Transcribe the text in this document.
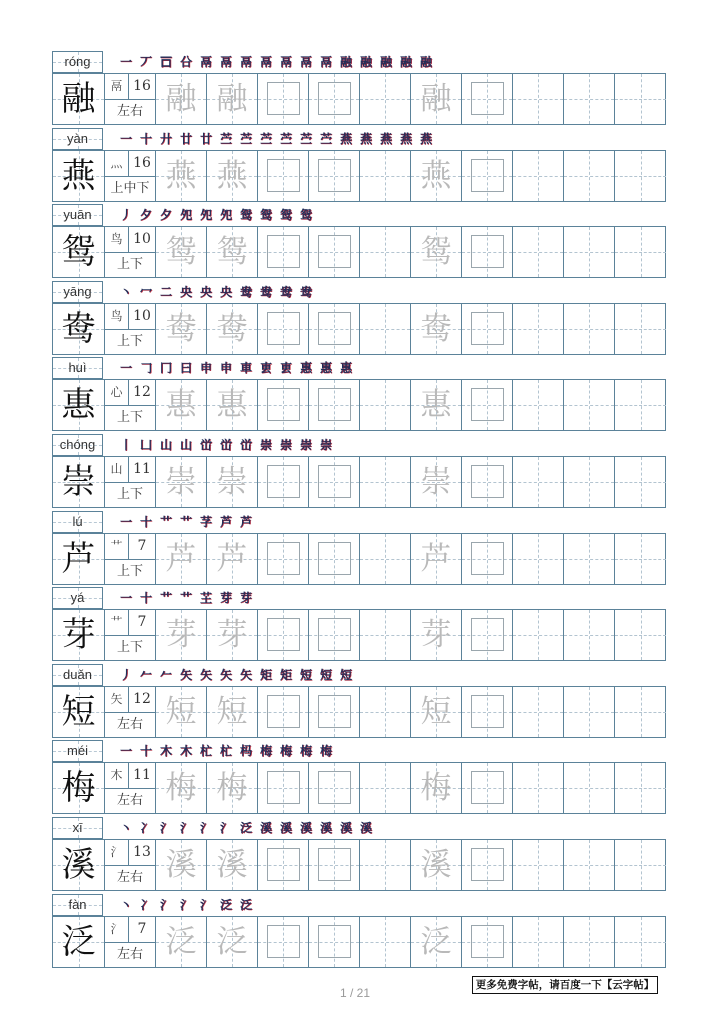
róng	一 丆 𠮛 㕣 鬲 鬲 鬲 鬲 鬲 鬲 鬲 融 融 融 融 融
融	鬲 16
左右 融 融	融
yàn	一 十 廾 廿 廿 苎 苎 苎 苎 苎 苎 燕 燕 燕 燕 燕
燕	灬 16
上中下 燕 燕	燕
yuān	丿 夕 夕 夗 夗 夗 鸳 鸳 鸳 鸳
鸳	鸟 10
上下 鸳 鸳	鸳
yāng	丶 冖 二 央 央 央 鸯 鸯 鸯 鸯
鸯	鸟 10
上下 鸯 鸯	鸯
huì	一 𠃌 冂 曰 申 申 車 叀 叀 惠 惠 惠
惠	心 12
上下 惠 惠	惠
chóng	丨 凵 山 山 峃 峃 峃 崇 崇 崇 崇
崇	山 11
上下 崇 崇	崇
lú	一 十 艹 艹 芓 芦 芦
芦	艹	7
上下 芦 芦	芦
yá	一 十 艹 艹 芏 芽 芽
芽	艹	7
上下 芽 芽	芽
duǎn	丿 𠂉 𠂉 矢 矢 矢 矢 矩 矩 短 短 短
短	矢 12
左右 短 短	短
méi	一 十 木 木 杧 杧 杩 梅 梅 梅 梅
梅	木 11
左右 梅 梅	梅
xī	丶 冫 氵 氵 氵 氵 泛 溪 溪 溪 溪 溪 溪
溪	氵 13
左右 溪 溪	溪
fàn	丶 冫 氵 氵 氵 泛 泛
泛	氵	7
左右 泛 泛	泛
1 / 21
更多免费字帖，请百度一下【云字帖】
